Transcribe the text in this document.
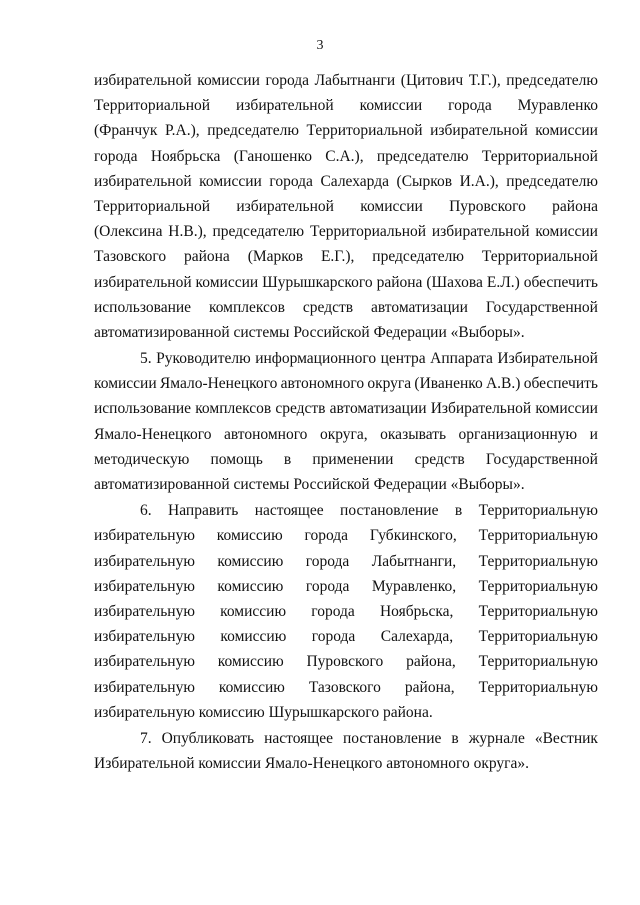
3
избирательной комиссии города Лабытнанги (Цитович Т.Г.), председателю
Территориальной избирательной комиссии города Муравленко
(Франчук Р.А.), председателю Территориальной избирательной комиссии
города Ноябрьска (Ганошенко С.А.), председателю Территориальной
избирательной комиссии города Салехарда (Сырков И.А.), председателю
Территориальной избирательной комиссии Пуровского района
(Олексина Н.В.), председателю Территориальной избирательной комиссии
Тазовского района (Марков Е.Г.), председателю Территориальной
избирательной комиссии Шурышкарского района (Шахова Е.Л.) обеспечить
использование комплексов средств автоматизации Государственной
автоматизированной системы Российской Федерации «Выборы».
5. Руководителю информационного центра Аппарата Избирательной
комиссии Ямало-Ненецкого автономного округа (Иваненко А.В.) обеспечить
использование комплексов средств автоматизации Избирательной комиссии
Ямало-Ненецкого автономного округа, оказывать организационную и
методическую помощь в применении средств Государственной
автоматизированной системы Российской Федерации «Выборы».
6. Направить настоящее постановление в Территориальную
избирательную комиссию города Губкинского, Территориальную
избирательную комиссию города Лабытнанги, Территориальную
избирательную комиссию города Муравленко, Территориальную
избирательную комиссию города Ноябрьска, Территориальную
избирательную комиссию города Салехарда, Территориальную
избирательную комиссию Пуровского района, Территориальную
избирательную комиссию Тазовского района, Территориальную
избирательную комиссию Шурышкарского района.
7. Опубликовать настоящее постановление в журнале «Вестник
Избирательной комиссии Ямало-Ненецкого автономного округа».
